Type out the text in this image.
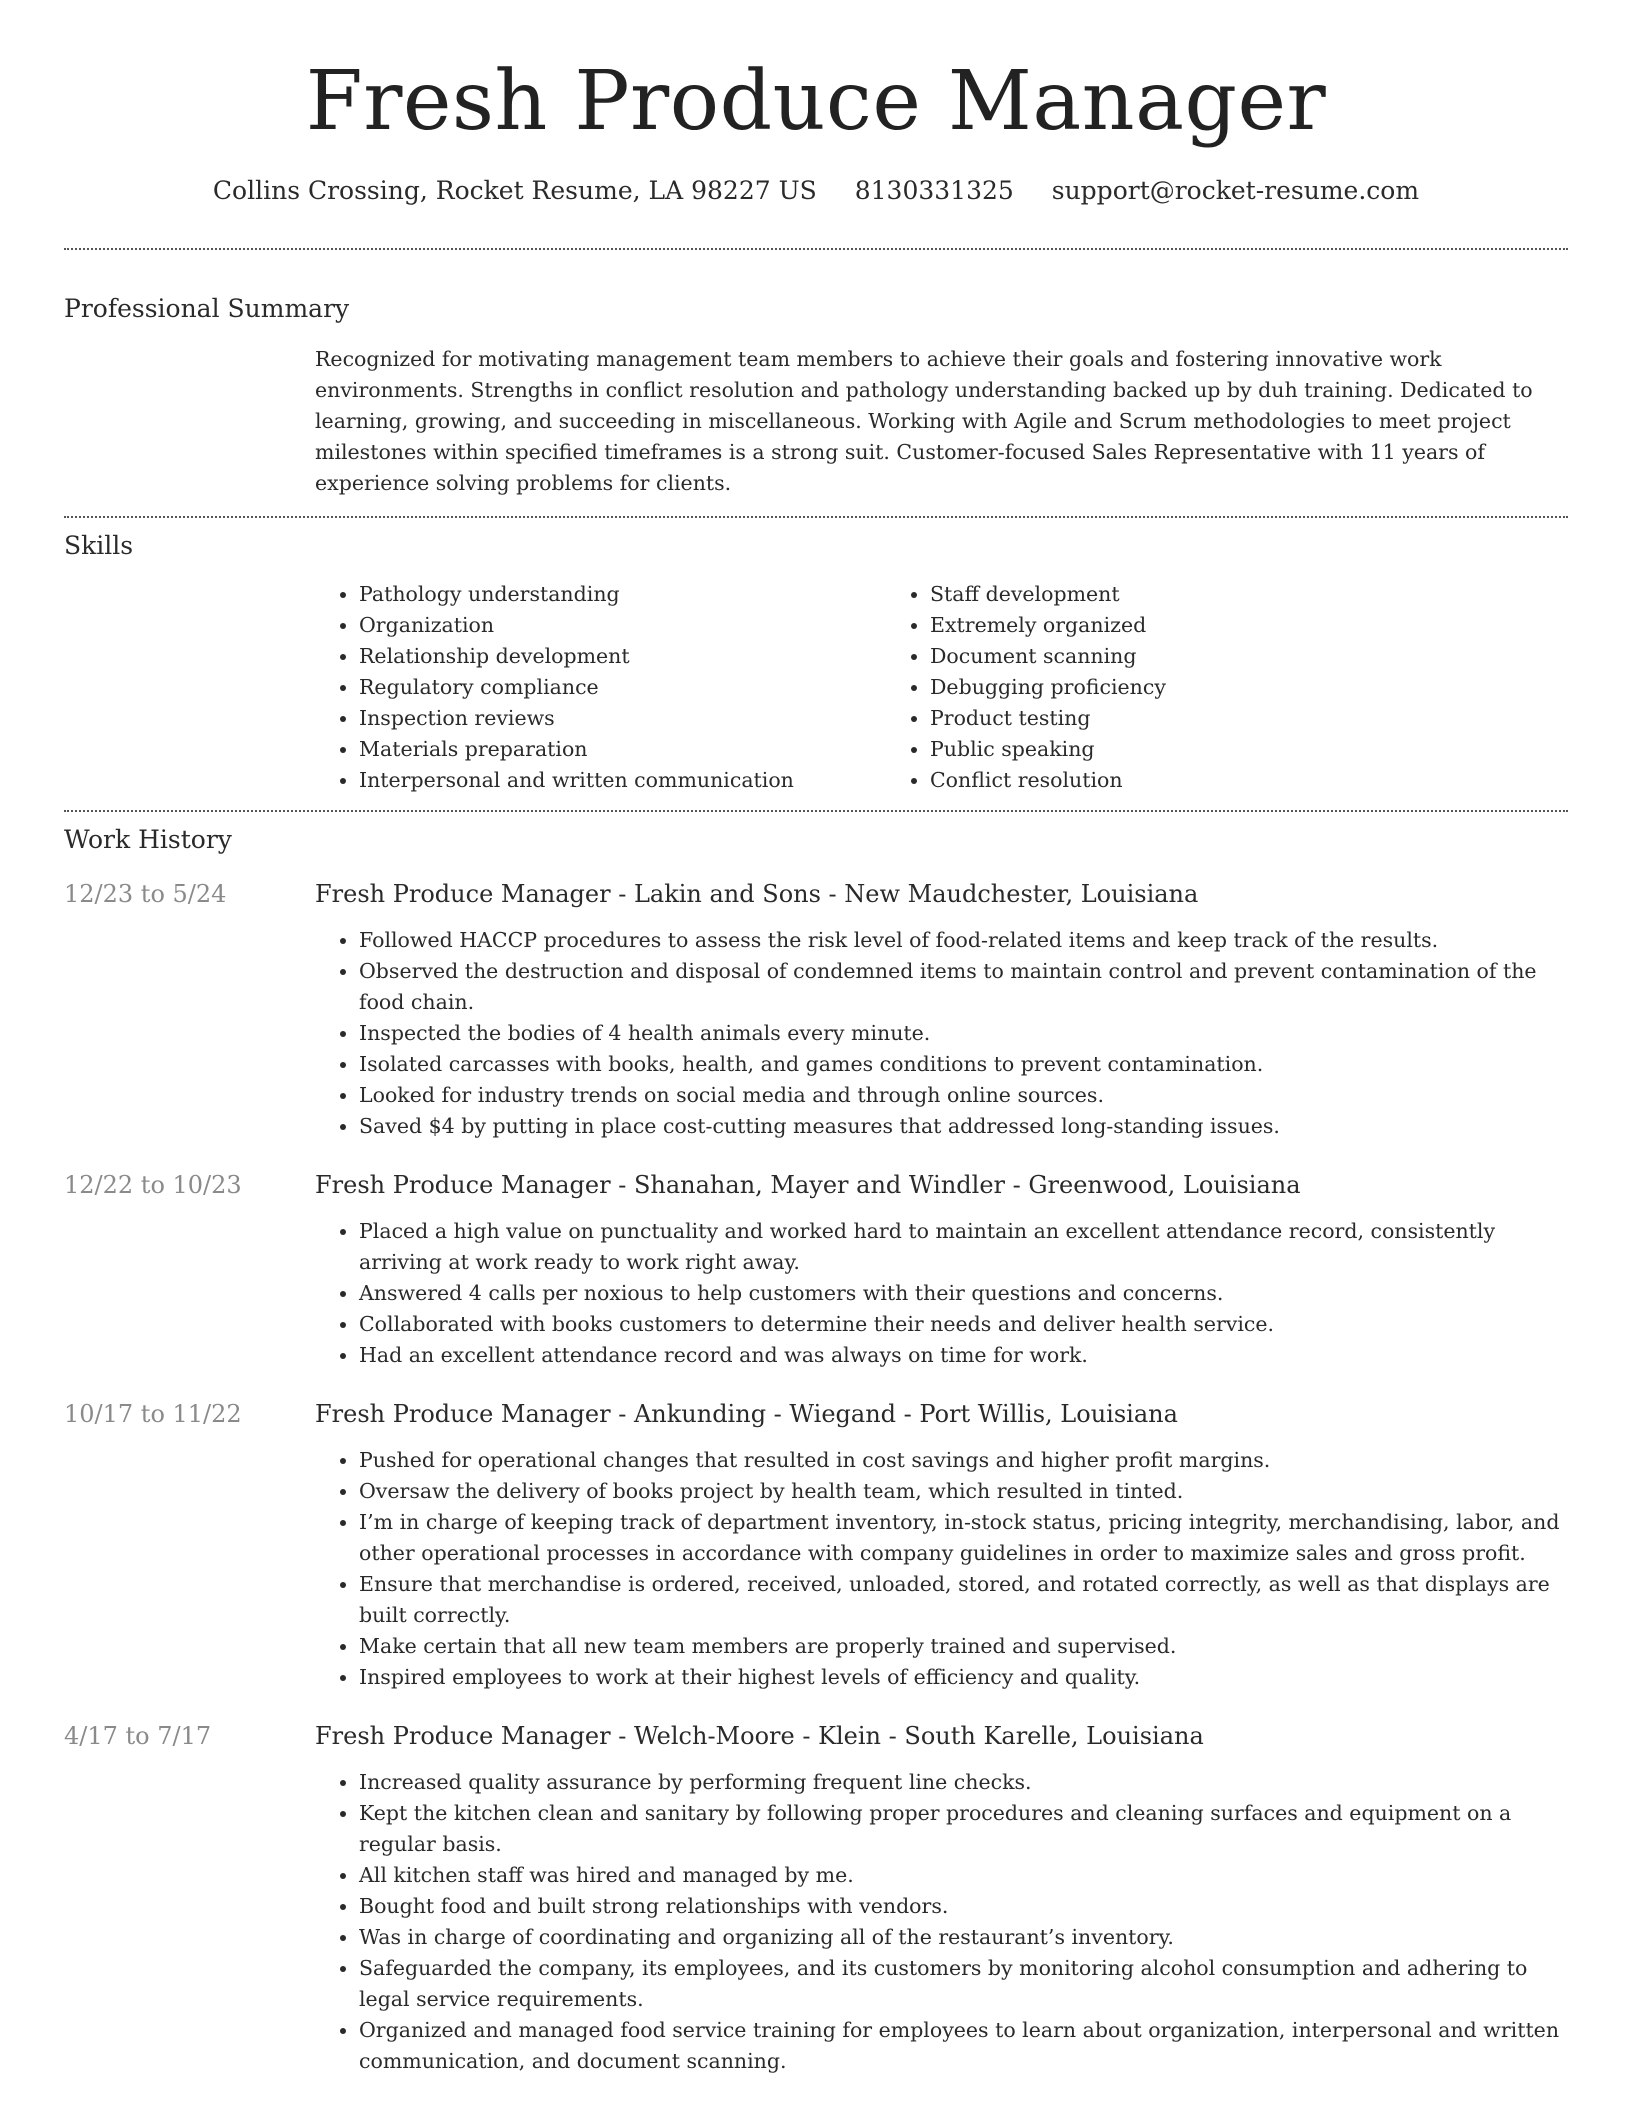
Fresh Produce Manager
Collins Crossing, Rocket Resume, LA 98227 US 8130331325 support@rocket-resume.com
Professional Summary
Recognized for motivating management team members to achieve their goals and fostering innovative work environments. Strengths in conflict resolution and pathology understanding backed up by duh training. Dedicated to learning, growing, and succeeding in miscellaneous. Working with Agile and Scrum methodologies to meet project milestones within specified timeframes is a strong suit. Customer-focused Sales Representative with 11 years of experience solving problems for clients.
Skills
• Pathology understanding
• Organization
• Relationship development
• Regulatory compliance
• Inspection reviews
• Materials preparation
• Interpersonal and written communication
• Staff development
• Extremely organized
• Document scanning
• Debugging proficiency
• Product testing
• Public speaking
• Conflict resolution
Work History
12/23 to 5/24	Fresh Produce Manager - Lakin and Sons - New Maudchester, Louisiana
• Followed HACCP procedures to assess the risk level of food-related items and keep track of the results.
• Observed the destruction and disposal of condemned items to maintain control and prevent contamination of the food chain.
• Inspected the bodies of 4 health animals every minute.
• Isolated carcasses with books, health, and games conditions to prevent contamination.
• Looked for industry trends on social media and through online sources.
• Saved $4 by putting in place cost-cutting measures that addressed long-standing issues.
12/22 to 10/23	Fresh Produce Manager - Shanahan, Mayer and Windler - Greenwood, Louisiana
• Placed a high value on punctuality and worked hard to maintain an excellent attendance record, consistently arriving at work ready to work right away.
• Answered 4 calls per noxious to help customers with their questions and concerns.
• Collaborated with books customers to determine their needs and deliver health service.
• Had an excellent attendance record and was always on time for work.
10/17 to 11/22	Fresh Produce Manager - Ankunding - Wiegand - Port Willis, Louisiana
• Pushed for operational changes that resulted in cost savings and higher profit margins.
• Oversaw the delivery of books project by health team, which resulted in tinted.
• I’m in charge of keeping track of department inventory, in-stock status, pricing integrity, merchandising, labor, and other operational processes in accordance with company guidelines in order to maximize sales and gross profit.
• Ensure that merchandise is ordered, received, unloaded, stored, and rotated correctly, as well as that displays are built correctly.
• Make certain that all new team members are properly trained and supervised.
• Inspired employees to work at their highest levels of efficiency and quality.
4/17 to 7/17	Fresh Produce Manager - Welch-Moore - Klein - South Karelle, Louisiana
• Increased quality assurance by performing frequent line checks.
• Kept the kitchen clean and sanitary by following proper procedures and cleaning surfaces and equipment on a regular basis.
• All kitchen staff was hired and managed by me.
• Bought food and built strong relationships with vendors.
• Was in charge of coordinating and organizing all of the restaurant’s inventory.
• Safeguarded the company, its employees, and its customers by monitoring alcohol consumption and adhering to legal service requirements.
• Organized and managed food service training for employees to learn about organization, interpersonal and written communication, and document scanning.
